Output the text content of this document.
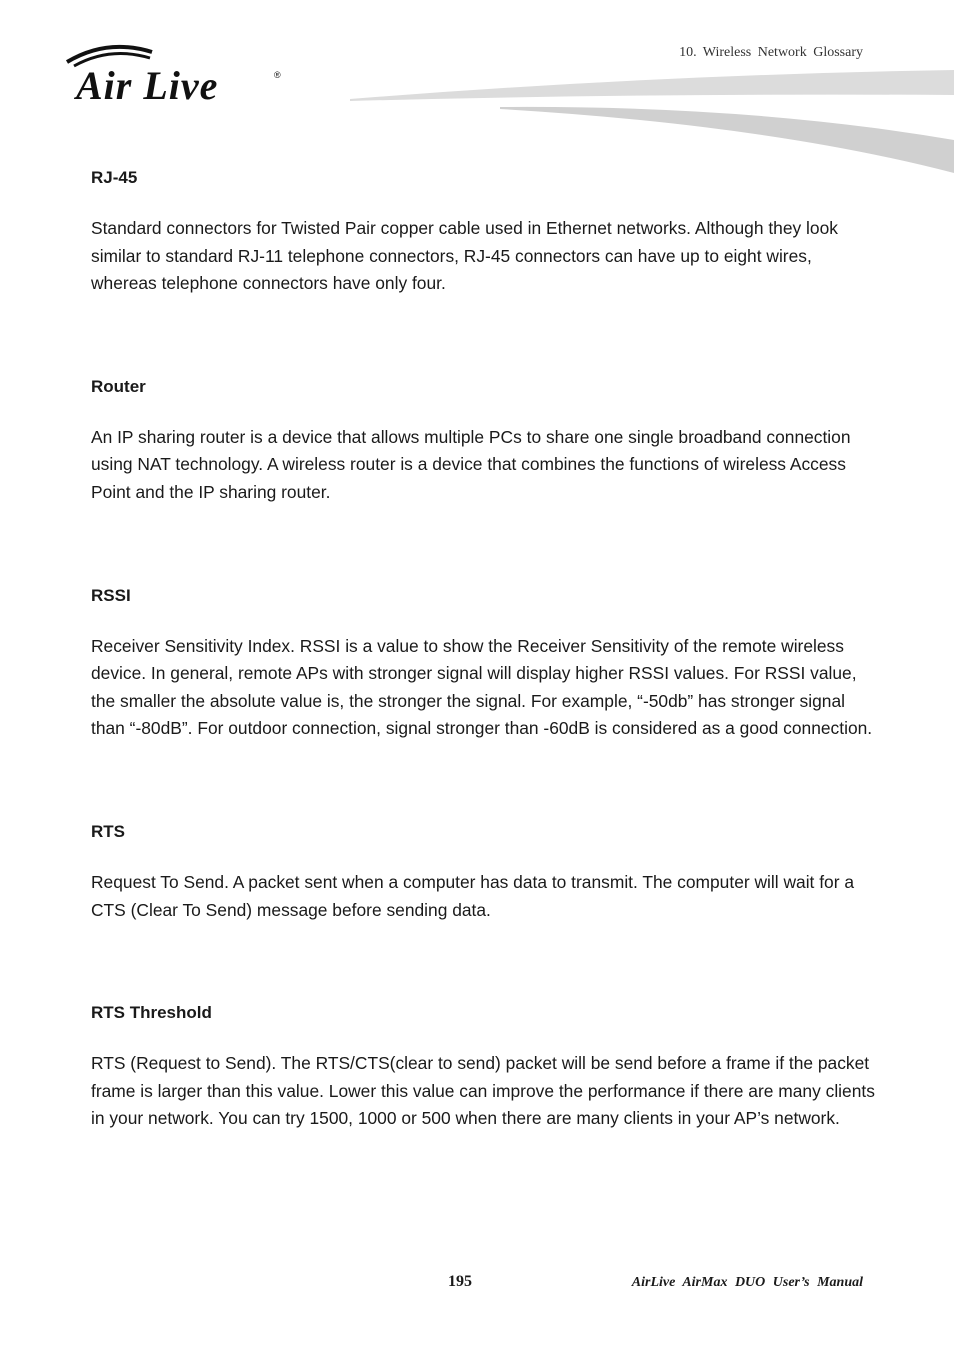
10. Wireless Network Glossary
Air Live	®
RJ-45

Standard connectors for Twisted Pair copper cable used in Ethernet networks. Although they look similar to standard RJ-11 telephone connectors, RJ-45 connectors can have up to eight wires, whereas telephone connectors have only four.

Router

An IP sharing router is a device that allows multiple PCs to share one single broadband connection using NAT technology. A wireless router is a device that combines the functions of wireless Access Point and the IP sharing router.

RSSI

Receiver Sensitivity Index. RSSI is a value to show the Receiver Sensitivity of the remote wireless device. In general, remote APs with stronger signal will display higher RSSI values. For RSSI value, the smaller the absolute value is, the stronger the signal. For example, “-50db” has stronger signal than “-80dB”. For outdoor connection, signal stronger than -60dB is considered as a good connection.

RTS

Request To Send. A packet sent when a computer has data to transmit. The computer will wait for a CTS (Clear To Send) message before sending data.

RTS Threshold

RTS (Request to Send). The RTS/CTS(clear to send) packet will be send before a frame if the packet frame is larger than this value. Lower this value can improve the performance if there are many clients in your network. You can try 1500, 1000 or 500 when there are many clients in your AP’s network.

195	AirLive AirMax DUO User’s Manual
